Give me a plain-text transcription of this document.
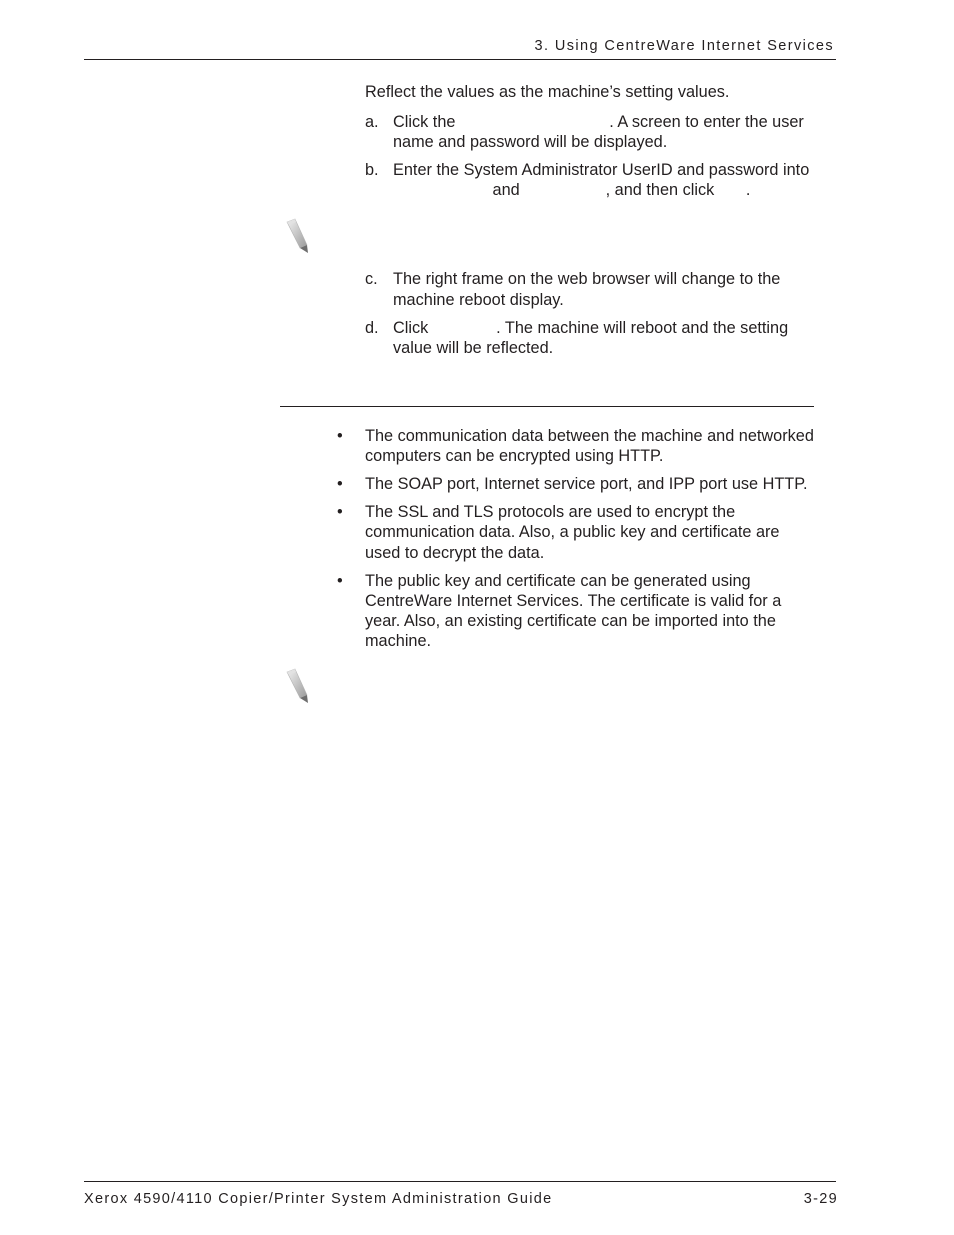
3. Using CentreWare Internet Services
Reflect the values as the machine’s setting values.
a. Click the                                  . A screen to enter the user
name and password will be displayed.
b. Enter the System Administrator UserID and password into
and                   , and then click       .
c. The right frame on the web browser will change to the
machine reboot display.
d. Click               . The machine will reboot and the setting
value will be reflected.
• The communication data between the machine and networked
computers can be encrypted using HTTP.
• The SOAP port, Internet service port, and IPP port use HTTP.
• The SSL and TLS protocols are used to encrypt the
communication data. Also, a public key and certificate are
used to decrypt the data.
• The public key and certificate can be generated using
CentreWare Internet Services. The certificate is valid for a
year. Also, an existing certificate can be imported into the
machine.
Xerox 4590/4110 Copier/Printer System Administration Guide	3-29
